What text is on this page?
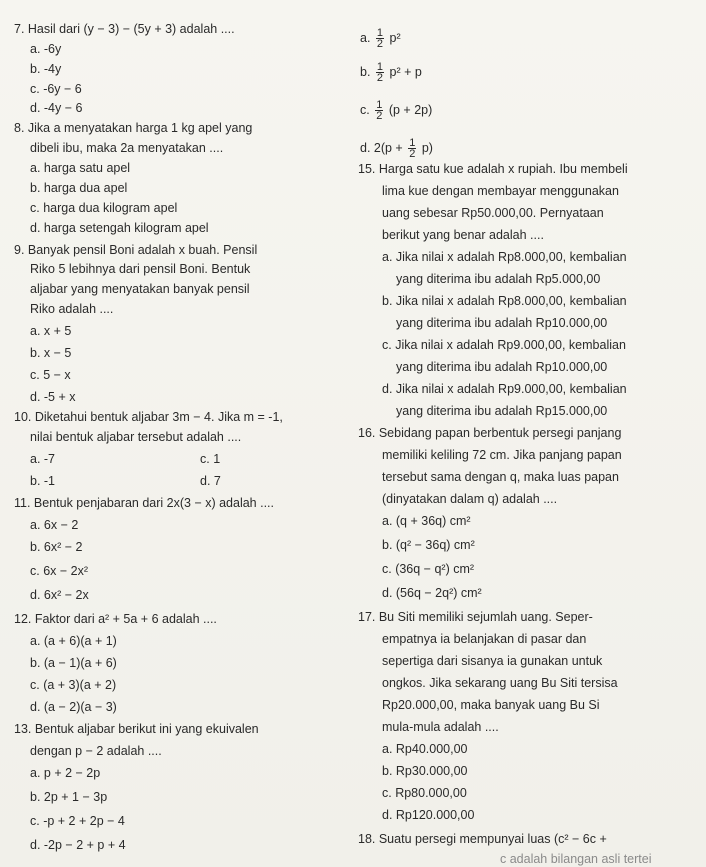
7. Hasil dari (y − 3) − (5y + 3) adalah ....
a. -6y
b. -4y
c. -6y − 6
d. -4y − 6
8. Jika a menyatakan harga 1 kg apel yang
dibeli ibu, maka 2a menyatakan ....
a. harga satu apel
b. harga dua apel
c. harga dua kilogram apel
d. harga setengah kilogram apel
9. Banyak pensil Boni adalah x buah. Pensil
Riko 5 lebihnya dari pensil Boni. Bentuk
aljabar yang menyatakan banyak pensil
Riko adalah ....
a. x + 5
b. x − 5
c. 5 − x
d. -5 + x
10. Diketahui bentuk aljabar 3m − 4. Jika m = -1,
nilai bentuk aljabar tersebut adalah ....
a. -7	c. 1
b. -1	d. 7
11. Bentuk penjabaran dari 2x(3 − x) adalah ....
a. 6x − 2
b. 6x² − 2
c. 6x − 2x²
d. 6x² − 2x
12. Faktor dari a² + 5a + 6 adalah ....
a. (a + 6)(a + 1)
b. (a − 1)(a + 6)
c. (a + 3)(a + 2)
d. (a − 2)(a − 3)
13. Bentuk aljabar berikut ini yang ekuivalen
dengan p − 2 adalah ....
a. p + 2 − 2p
b. 2p + 1 − 3p
c. -p + 2 + 2p − 4
d. -2p − 2 + p + 4
a. $\frac{1}{2} p^2$
b. $\frac{1}{2} p^2 + p$
c. $\frac{1}{2} (p + 2p)$
d. $2(p + \frac{1}{2} p)$
15. Harga satu kue adalah x rupiah. Ibu membeli
lima kue dengan membayar menggunakan
uang sebesar Rp50.000,00. Pernyataan
berikut yang benar adalah ....
a. Jika nilai x adalah Rp8.000,00, kembalian
yang diterima ibu adalah Rp5.000,00
b. Jika nilai x adalah Rp8.000,00, kembalian
yang diterima ibu adalah Rp10.000,00
c. Jika nilai x adalah Rp9.000,00, kembalian
yang diterima ibu adalah Rp10.000,00
d. Jika nilai x adalah Rp9.000,00, kembalian
yang diterima ibu adalah Rp15.000,00
16. Sebidang papan berbentuk persegi panjang
memiliki keliling 72 cm. Jika panjang papan
tersebut sama dengan q, maka luas papan
(dinyatakan dalam q) adalah ....
a. (q + 36q) cm²
b. (q² − 36q) cm²
c. (36q − q²) cm²
d. (56q − 2q²) cm²
17. Bu Siti memiliki sejumlah uang. Seper-
empatnya ia belanjakan di pasar dan
sepertiga dari sisanya ia gunakan untuk
ongkos. Jika sekarang uang Bu Siti tersisa
Rp20.000,00, maka banyak uang Bu Si
mula-mula adalah ....
a. Rp40.000,00
b. Rp30.000,00
c. Rp80.000,00
d. Rp120.000,00
18. Suatu persegi mempunyai luas (c² − 6c +
c adalah bilangan asli tertei
